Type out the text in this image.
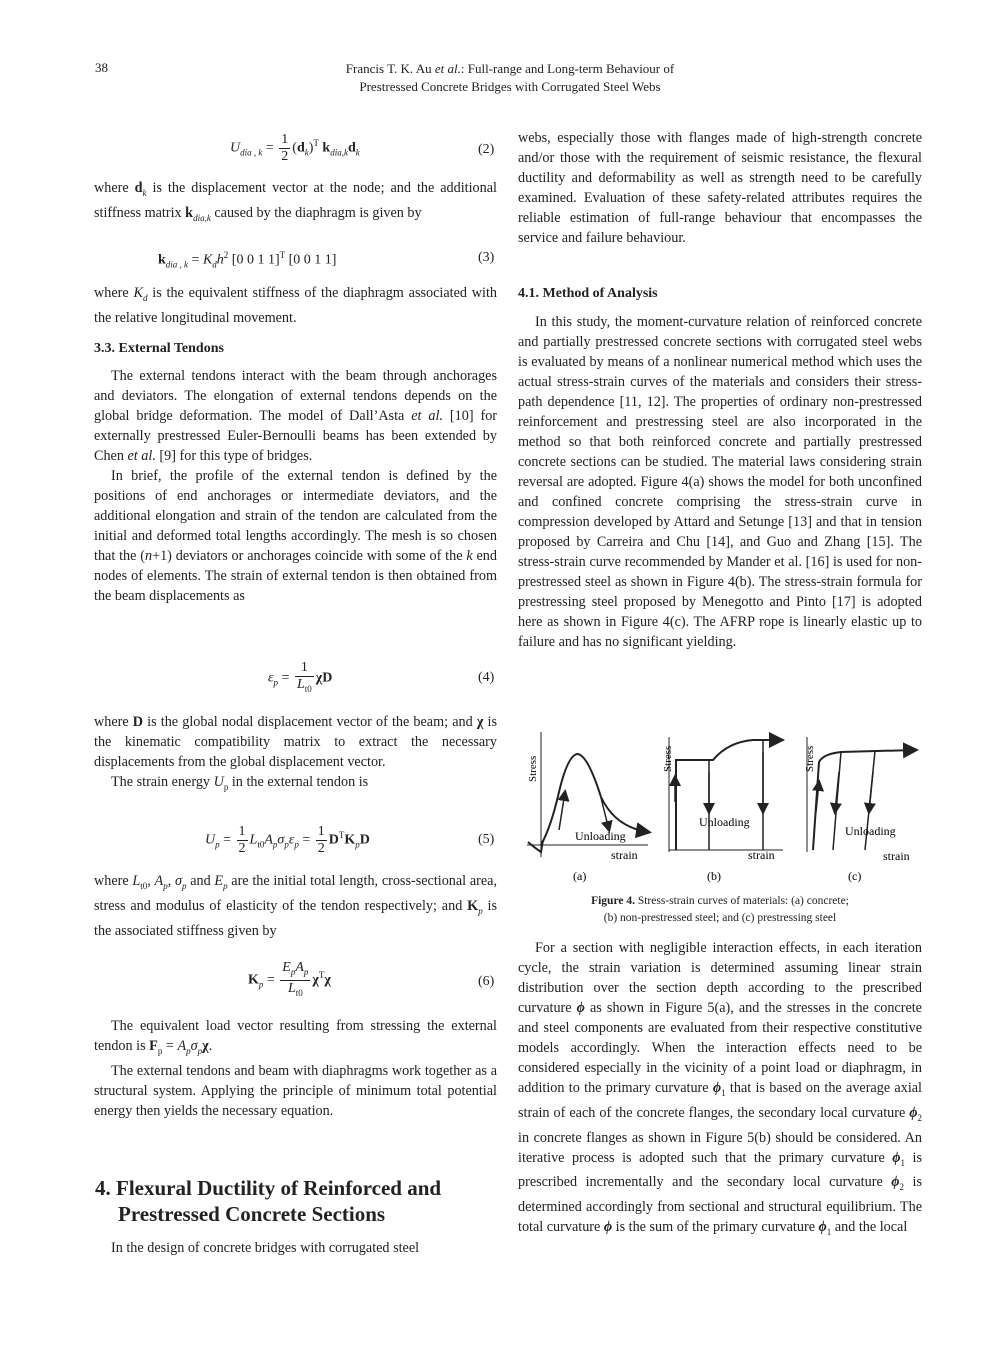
38	Francis T. K. Au et al.: Full-range and Long-term Behaviour of
Prestressed Concrete Bridges with Corrugated Steel Webs
$U_{dia , k} = \frac{1}{2} (d_k)^T$ $k_{dia,k}d_k$	(2)

where $d_k$ is the displacement vector at the node; and the additional stiffness matrix $k_{dia,k}$ caused by the diaphragm is given by

$k_{dia , k} = K_dh^2$ [0 0 1 1]$^T$ [0 0 1 1]	(3)

where $K_d$ is the equivalent stiffness of the diaphragm associated with the relative longitudinal movement.

3.3. External Tendons

The external tendons interact with the beam through anchorages and deviators. The elongation of external tendons depends on the global bridge deformation. The model of Dall’Asta et al. [10] for externally prestressed Euler-Bernoulli beams has been extended by Chen et al. [9] for this type of bridges.

In brief, the profile of the external tendon is defined by the positions of end anchorages or intermediate deviators, and the additional elongation and strain of the tendon are calculated from the initial and deformed total lengths accordingly. The mesh is so chosen that the (n+1) deviators or anchorages coincide with some of the k end nodes of elements. The strain of external tendon is then obtained from the beam displacements as

$\varepsilon_p = \frac{1}{L_{t0}}$ χD	(4)

where D is the global nodal displacement vector of the beam; and χ is the kinematic compatibility matrix to extract the necessary displacements from the global displacement vector.

The strain energy $U_p$ in the external tendon is

$U_p = \frac{1}{2} L_{t0}A_p\sigma_p\varepsilon_p = \frac{1}{2} D^TK_pD$	(5)

where $L_{t0}$, $A_p$, $\sigma_p$ and $E_p$ are the initial total length, cross-sectional area, stress and modulus of elasticity of the tendon respectively; and $K_p$ is the associated stiffness given by

$K_p = \frac{E_pA_p}{L_{t0}} \chi^T\chi$	(6)

The equivalent load vector resulting from stressing the external tendon is $F_p = A_p\sigma_p\chi$.

The external tendons and beam with diaphragms work together as a structural system. Applying the principle of minimum total potential energy then yields the necessary equation.

4. Flexural Ductility of Reinforced and
Prestressed Concrete Sections

In the design of concrete bridges with corrugated steel

webs, especially those with flanges made of high-strength concrete and/or those with the requirement of seismic resistance, the flexural ductility and deformability as well as strength need to be carefully examined. Evaluation of these safety-related attributes requires the reliable estimation of full-range behaviour that encompasses the service and failure behaviour.

4.1. Method of Analysis

In this study, the moment-curvature relation of reinforced concrete and partially prestressed concrete sections with corrugated steel webs is evaluated by means of a nonlinear numerical method which uses the actual stress-strain curves of the materials and considers their stress-path dependence [11, 12]. The properties of ordinary non-prestressed reinforcement and prestressing steel are also incorporated in the method so that both reinforced concrete and partially prestressed concrete sections can be studied. The material laws considering strain reversal are adopted. Figure 4(a) shows the model for both unconfined and confined concrete comprising the stress-strain curve in compression developed by Attard and Setunge [13] and that in tension proposed by Carreira and Chu [14], and Guo and Zhang [15]. The stress-strain curve recommended by Mander et al. [16] is used for non-prestressed steel as shown in Figure 4(b). The stress-strain formula for prestressing steel proposed by Menegotto and Pinto [17] is adopted here as shown in Figure 4(c). The AFRP rope is linearly elastic up to failure and has no significant yielding.

Stress
Unloading
strain
(a)
Stress
Unloading
strain
(b)
Stress
Unloading
strain
(c)
Figure 4. Stress-strain curves of materials: (a) concrete;
(b) non-prestressed steel; and (c) prestressing steel

For a section with negligible interaction effects, in each iteration cycle, the strain variation is determined assuming linear strain distribution over the section depth according to the prescribed curvature ϕ as shown in Figure 5(a), and the stresses in the concrete and steel components are evaluated from their respective constitutive models accordingly. When the interaction effects need to be considered especially in the vicinity of a point load or diaphragm, in addition to the primary curvature $\phi_1$ that is based on the average axial strain of each of the concrete flanges, the secondary local curvature $\phi_2$ in concrete flanges as shown in Figure 5(b) should be considered. An iterative process is adopted such that the primary curvature $\phi_1$ is prescribed incrementally and the secondary local curvature $\phi_2$ is determined accordingly from sectional and structural equilibrium. The total curvature ϕ is the sum of the primary curvature $\phi_1$ and the local
